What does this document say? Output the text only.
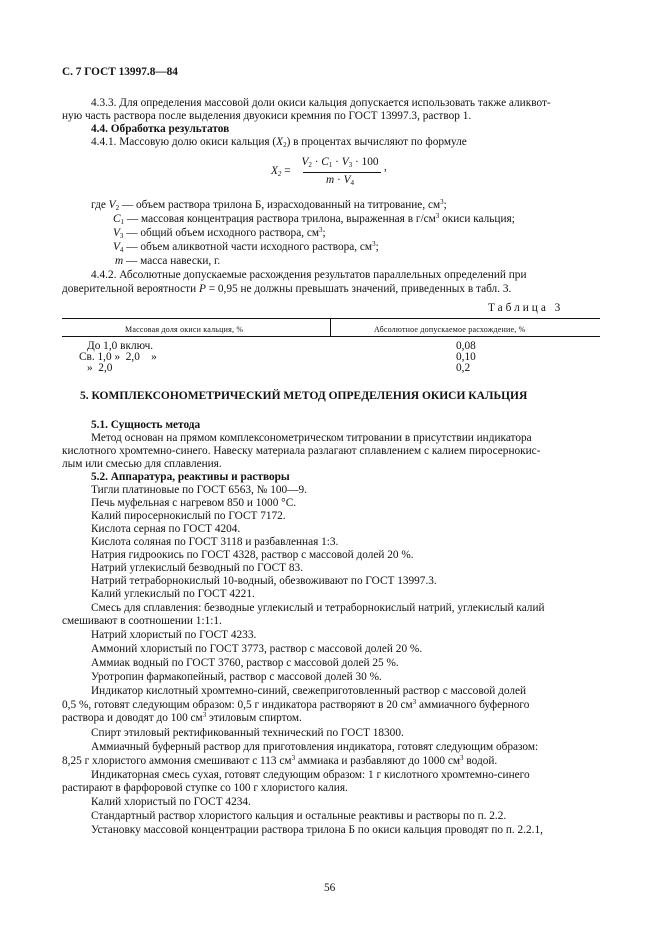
С. 7 ГОСТ 13997.8—84
4.3.3. Для определения массовой доли окиси кальция допускается использовать также аликвот-
ную часть раствора после выделения двуокиси кремния по ГОСТ 13997.3, раствор 1.
4.4. Обработка результатов
4.4.1. Массовую долю окиси кальция $(X_2)$ в процентах вычисляют по формуле
$X_2$ =
$V_2 \cdot C_1 \cdot V_3 \cdot 100$
$m \cdot V_4$
,
где $V_2$ — объем раствора трилона Б, израсходованный на титрование, $см^3$;
$C_1$ — массовая концентрация раствора трилона, выраженная в $г/см^3$ окиси кальция;
$V_3$ — общий объем исходного раствора, $см^3$;
$V_4$ — объем аликвотной части исходного раствора, $см^3$;
m — масса навески, г.
4.4.2. Абсолютные допускаемые расхождения результатов параллельных определений при
доверительной вероятности P = 0,95 не должны превышать значений, приведенных в табл. 3.
Таблица 3
Массовая доля окиси кальция, %	Абсолютное допускаемое расхождение, %
До 1,0 включ.	0,08
Св. 1,0 »  2,0    »	0,10
»  2,0	0,2
5. КОМПЛЕКСОНОМЕТРИЧЕСКИЙ МЕТОД ОПРЕДЕЛЕНИЯ ОКИСИ КАЛЬЦИЯ
5.1. Сущность метода
Метод основан на прямом комплексонометрическом титровании в присутствии индикатора
кислотного хромтемно-синего. Навеску материала разлагают сплавлением с калием пиросернокис-
лым или смесью для сплавления.
5.2. Аппаратура, реактивы и растворы
Тигли платиновые по ГОСТ 6563, № 100—9.
Печь муфельная с нагревом 850 и 1000 °С.
Калий пиросернокислый по ГОСТ 7172.
Кислота серная по ГОСТ 4204.
Кислота соляная по ГОСТ 3118 и разбавленная 1:3.
Натрия гидроокись по ГОСТ 4328, раствор с массовой долей 20 %.
Натрий углекислый безводный по ГОСТ 83.
Натрий тетраборнокислый 10-водный, обезвоживают по ГОСТ 13997.3.
Калий углекислый по ГОСТ 4221.
Смесь для сплавления: безводные углекислый и тетраборнокислый натрий, углекислый калий
смешивают в соотношении 1:1:1.
Натрий хлористый по ГОСТ 4233.
Аммоний хлористый по ГОСТ 3773, раствор с массовой долей 20 %.
Аммиак водный по ГОСТ 3760, раствор с массовой долей 25 %.
Уротропин фармакопейный, раствор с массовой долей 30 %.
Индикатор кислотный хромтемно-синий, свежеприготовленный раствор с массовой долей
0,5 %, готовят следующим образом: 0,5 г индикатора растворяют в 20 $см^3$ аммиачного буферного
раствора и доводят до 100 $см^3$ этиловым спиртом.
Спирт этиловый ректификованный технический по ГОСТ 18300.
Аммиачный буферный раствор для приготовления индикатора, готовят следующим образом:
8,25 г хлористого аммония смешивают с 113 $см^3$ аммиака и разбавляют до 1000 $см^3$ водой.
Индикаторная смесь сухая, готовят следующим образом: 1 г кислотного хромтемно-синего
растирают в фарфоровой ступке со 100 г хлористого калия.
Калий хлористый по ГОСТ 4234.
Стандартный раствор хлористого кальция и остальные реактивы и растворы по п. 2.2.
Установку массовой концентрации раствора трилона Б по окиси кальция проводят по п. 2.2.1,
56
